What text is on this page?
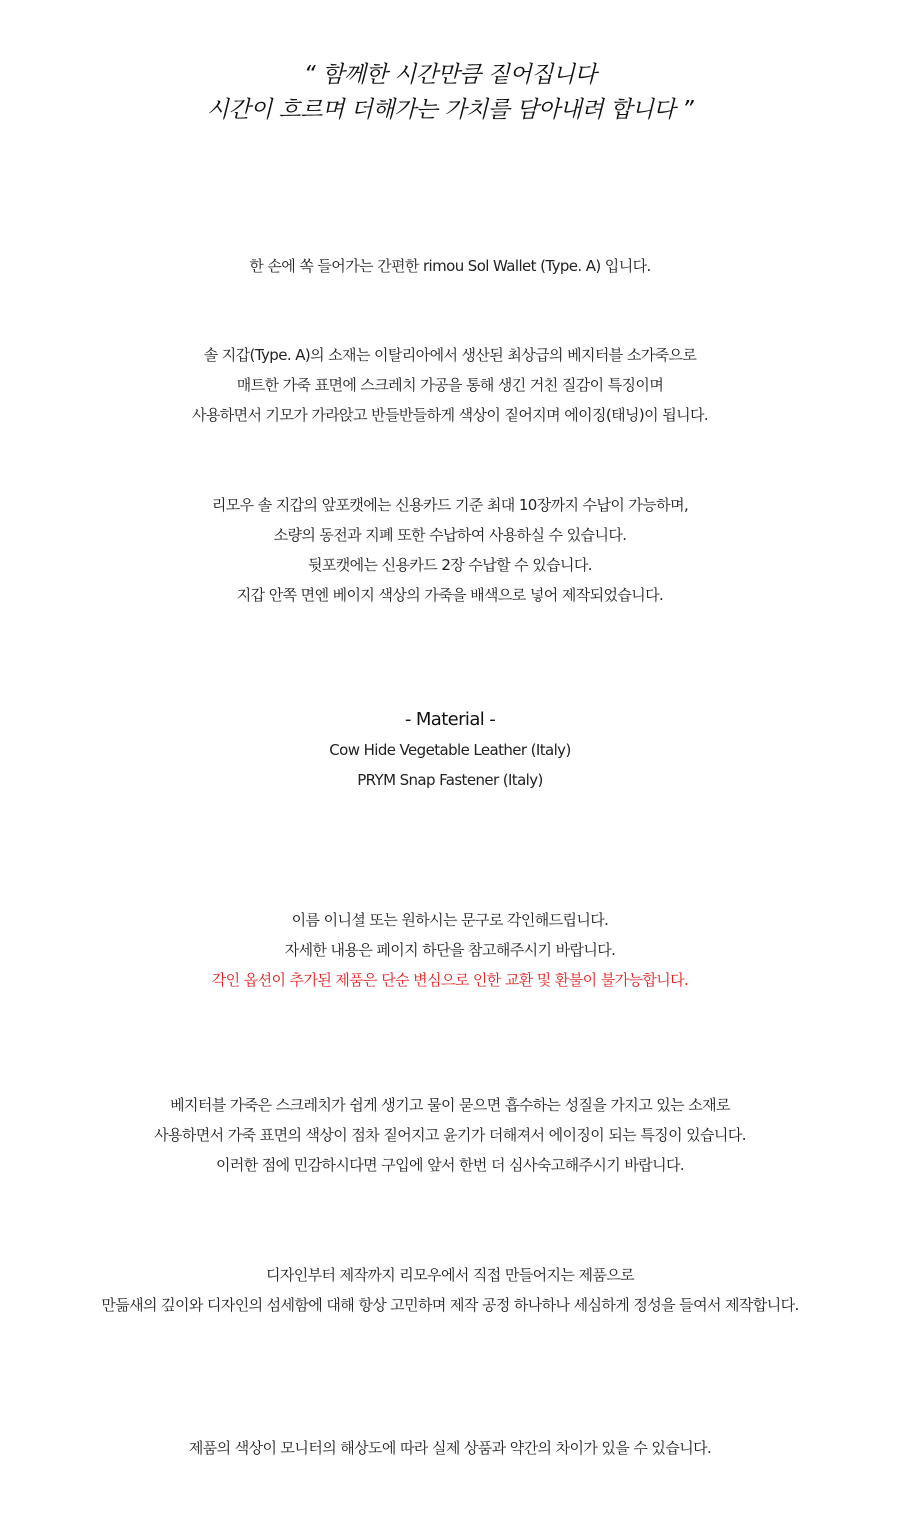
“ 함께한 시간만큼 짙어집니다
시간이 흐르며 더해가는 가치를 담아내려 합니다 ”
한 손에 쏙 들어가는 간편한 rimou Sol Wallet (Type. A) 입니다.
솔 지갑(Type. A)의 소재는 이탈리아에서 생산된 최상급의 베지터블 소가죽으로
매트한 가죽 표면에 스크레치 가공을 통해 생긴 거친 질감이 특징이며
사용하면서 기모가 가라앉고 반들반들하게 색상이 짙어지며 에이징(태닝)이 됩니다.
리모우 솔 지갑의 앞포캣에는 신용카드 기준 최대 10장까지 수납이 가능하며,
소량의 동전과 지폐 또한 수납하여 사용하실 수 있습니다.
뒷포캣에는 신용카드 2장 수납할 수 있습니다.
지갑 안쪽 면엔 베이지 색상의 가죽을 배색으로 넣어 제작되었습니다.
- Material -
Cow Hide Vegetable Leather (Italy)
PRYM Snap Fastener (Italy)
이름 이니셜 또는 원하시는 문구로 각인해드립니다.
자세한 내용은 페이지 하단을 참고해주시기 바랍니다.
각인 옵션이 추가된 제품은 단순 변심으로 인한 교환 및 환불이 불가능합니다.
베지터블 가죽은 스크레치가 쉽게 생기고 물이 묻으면 흡수하는 성질을 가지고 있는 소재로
사용하면서 가죽 표면의 색상이 점차 짙어지고 윤기가 더해져서 에이징이 되는 특징이 있습니다.
이러한 점에 민감하시다면 구입에 앞서 한번 더 심사숙고해주시기 바랍니다.
디자인부터 제작까지 리모우에서 직접 만들어지는 제품으로
만듦새의 깊이와 디자인의 섬세함에 대해 항상 고민하며 제작 공정 하나하나 세심하게 정성을 들여서 제작합니다.
제품의 색상이 모니터의 해상도에 따라 실제 상품과 약간의 차이가 있을 수 있습니다.
